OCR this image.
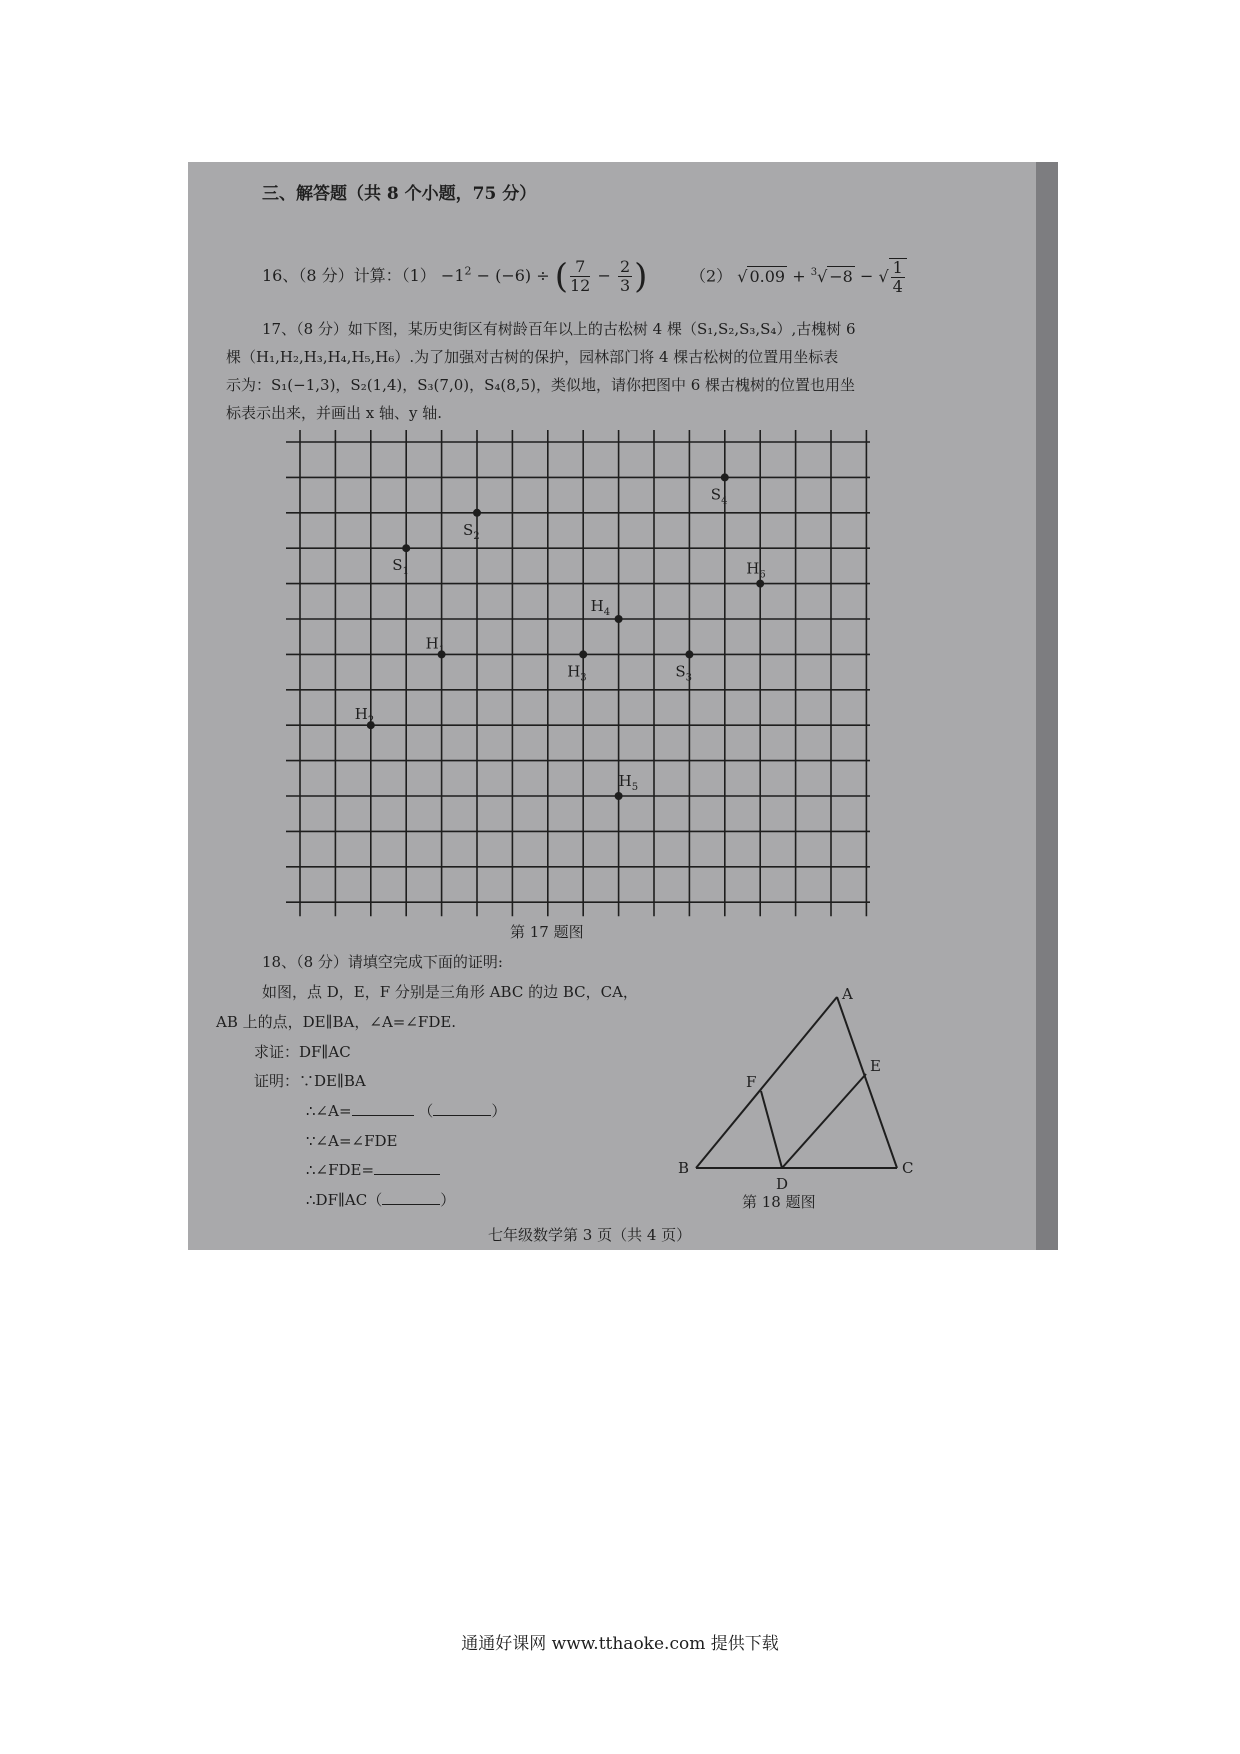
三、解答题（共 8 个小题，75 分）
16、（8 分）计算：$(1) -1^2 - (-6)$ ÷ ( $\frac{7}{12} - \frac{2}{3}$ )	（2） √ 0.09 + $^3$√ −8 − √ $\frac{1}{4}$
17、（8 分）如下图，某历史街区有树龄百年以上的古松树 4 棵（S₁,S₂,S₃,S₄）,古槐树 6
棵（H₁,H₂,H₃,H₄,H₅,H₆）.为了加强对古树的保护，园林部门将 4 棵古松树的位置用坐标表
示为：S₁(−1,3)，S₂(1,4)，S₃(7,0)，S₄(8,5)，类似地，请你把图中 6 棵古槐树的位置也用坐
标表示出来，并画出 x 轴、y 轴.
$S_1$
$S_2$
$S_3$
$S_4$
$H_1$
$H_2$
$H_3$
$H_4$
$H_5$
$H_6$
第 17 题图
18、（8 分）请填空完成下面的证明:
如图，点 D，E，F 分别是三角形 ABC 的边 BC，CA，
AB 上的点，DE∥BA，∠A=∠FDE.
求证：DF∥AC
证明：∵DE∥BA
∴∠A=	（	）
∵∠A=∠FDE
∴∠FDE=
∴DF∥AC（	）
A
B	C
D
E
F
第 18 题图
七年级数学第 3 页（共 4 页）
通通好课网 www.tthaoke.com 提供下载
